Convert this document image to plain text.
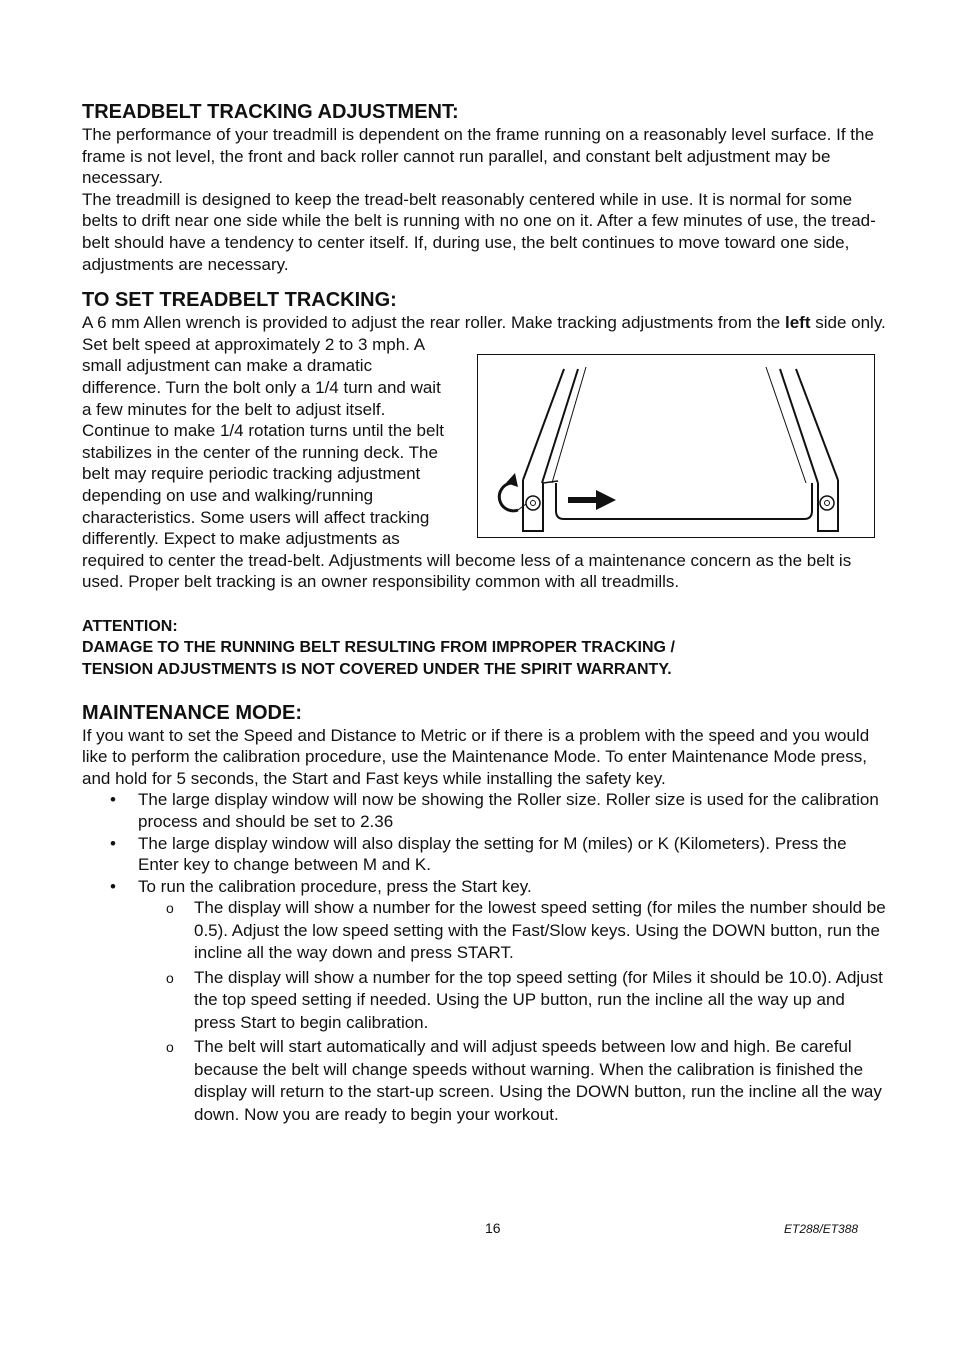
TREADBELT TRACKING ADJUSTMENT:

The performance of your treadmill is dependent on the frame running on a reasonably level surface. If the frame is not level, the front and back roller cannot run parallel, and constant belt adjustment may be necessary.

The treadmill is designed to keep the tread-belt reasonably centered while in use. It is normal for some belts to drift near one side while the belt is running with no one on it. After a few minutes of use, the tread-belt should have a tendency to center itself. If, during use, the belt continues to move toward one side, adjustments are necessary.

TO SET TREADBELT TRACKING:

A 6 mm Allen wrench is provided to adjust the rear roller. Make tracking adjustments from the left
side only. Set belt speed at approximately 2 to 3 mph. A small adjustment can make a dramatic difference. Turn the bolt only a 1/4 turn and wait a few minutes for the belt to adjust itself. Continue to make 1/4 rotation turns until the belt stabilizes in the center of the running deck. The belt may require periodic tracking adjustment depending on use and walking/running characteristics. Some users will affect tracking differently. Expect to make adjustments as required to center the tread-belt. Adjustments will become less of a maintenance concern as the belt is used. Proper belt tracking is an owner responsibility common with all treadmills.

ATTENTION:

DAMAGE TO THE RUNNING BELT RESULTING FROM IMPROPER TRACKING /

TENSION ADJUSTMENTS IS NOT COVERED UNDER THE SPIRIT WARRANTY.

MAINTENANCE MODE:

If you want to set the Speed and Distance to Metric or if there is a problem with the speed and you would like to perform the calibration procedure, use the Maintenance Mode. To enter Maintenance Mode press, and hold for 5 seconds, the Start and Fast keys while installing the safety key.

• The large display window will now be showing the Roller size. Roller size is used for the calibration process and should be set to 2.36
• The large display window will also display the setting for M (miles) or K (Kilometers). Press the Enter key to change between M and K.
• To run the calibration procedure, press the Start key.
o The display will show a number for the lowest speed setting (for miles the number should be 0.5). Adjust the low speed setting with the Fast/Slow keys. Using the DOWN button, run the incline all the way down and press START.
o The display will show a number for the top speed setting (for Miles it should be 10.0). Adjust the top speed setting if needed. Using the UP button, run the incline all the way up and press Start to begin calibration.
o The belt will start automatically and will adjust speeds between low and high. Be careful because the belt will change speeds without warning. When the calibration is finished the display will return to the start-up screen. Using the DOWN button, run the incline all the way down. Now you are ready to begin your workout.
16	ET288/ET388
